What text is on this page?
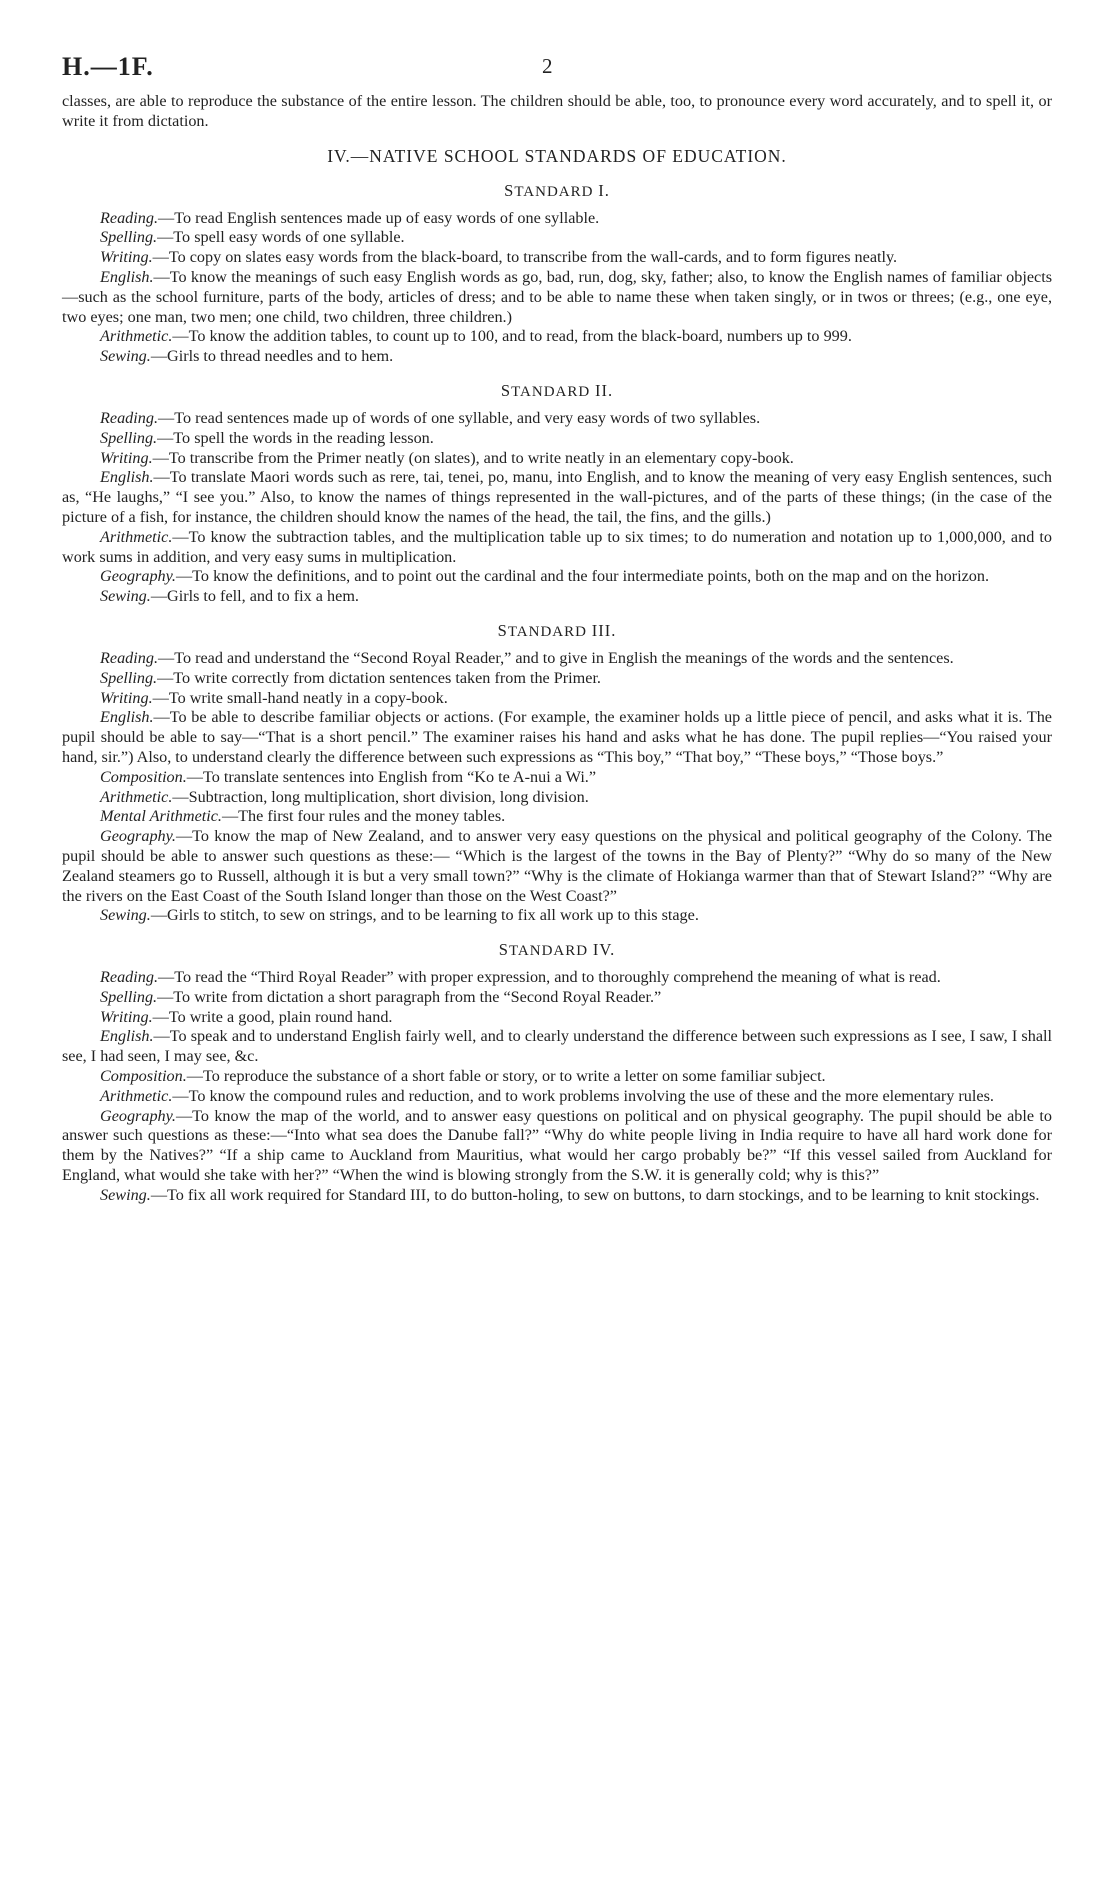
H.—1F.	2

classes, are able to reproduce the substance of the entire lesson. The children should be able, too, to pronounce every word accurately, and to spell it, or write it from dictation.

IV.—NATIVE SCHOOL STANDARDS OF EDUCATION.
STANDARD I.

Reading.—To read English sentences made up of easy words of one syllable.

Spelling.—To spell easy words of one syllable.

Writing.—To copy on slates easy words from the black-board, to transcribe from the wall-cards, and to form figures neatly.

English.—To know the meanings of such easy English words as go, bad, run, dog, sky, father; also, to know the English names of familiar objects—such as the school furniture, parts of the body, articles of dress; and to be able to name these when taken singly, or in twos or threes; (e.g., one eye, two eyes; one man, two men; one child, two children, three children.)

Arithmetic.—To know the addition tables, to count up to 100, and to read, from the black-board, numbers up to 999.

Sewing.—Girls to thread needles and to hem.

STANDARD II.

Reading.—To read sentences made up of words of one syllable, and very easy words of two syllables.

Spelling.—To spell the words in the reading lesson.

Writing.—To transcribe from the Primer neatly (on slates), and to write neatly in an elementary copy-book.

English.—To translate Maori words such as rere, tai, tenei, po, manu, into English, and to know the meaning of very easy English sentences, such as, “He laughs,” “I see you.” Also, to know the names of things represented in the wall-pictures, and of the parts of these things; (in the case of the picture of a fish, for instance, the children should know the names of the head, the tail, the fins, and the gills.)

Arithmetic.—To know the subtraction tables, and the multiplication table up to six times; to do numeration and notation up to 1,000,000, and to work sums in addition, and very easy sums in multiplication.

Geography.—To know the definitions, and to point out the cardinal and the four intermediate points, both on the map and on the horizon.

Sewing.—Girls to fell, and to fix a hem.

STANDARD III.

Reading.—To read and understand the “Second Royal Reader,” and to give in English the meanings of the words and the sentences.

Spelling.—To write correctly from dictation sentences taken from the Primer.

Writing.—To write small-hand neatly in a copy-book.

English.—To be able to describe familiar objects or actions. (For example, the examiner holds up a little piece of pencil, and asks what it is. The pupil should be able to say—“That is a short pencil.” The examiner raises his hand and asks what he has done. The pupil replies—“You raised your hand, sir.”) Also, to understand clearly the difference between such expressions as “This boy,” “That boy,” “These boys,” “Those boys.”

Composition.—To translate sentences into English from “Ko te A-nui a Wi.”

Arithmetic.—Subtraction, long multiplication, short division, long division.

Mental Arithmetic.—The first four rules and the money tables.

Geography.—To know the map of New Zealand, and to answer very easy questions on the physical and political geography of the Colony. The pupil should be able to answer such questions as these:— “Which is the largest of the towns in the Bay of Plenty?” “Why do so many of the New Zealand steamers go to Russell, although it is but a very small town?” “Why is the climate of Hokianga warmer than that of Stewart Island?” “Why are the rivers on the East Coast of the South Island longer than those on the West Coast?”

Sewing.—Girls to stitch, to sew on strings, and to be learning to fix all work up to this stage.

STANDARD IV.

Reading.—To read the “Third Royal Reader” with proper expression, and to thoroughly comprehend the meaning of what is read.

Spelling.—To write from dictation a short paragraph from the “Second Royal Reader.”

Writing.—To write a good, plain round hand.

English.—To speak and to understand English fairly well, and to clearly understand the difference between such expressions as I see, I saw, I shall see, I had seen, I may see, &c.

Composition.—To reproduce the substance of a short fable or story, or to write a letter on some familiar subject.

Arithmetic.—To know the compound rules and reduction, and to work problems involving the use of these and the more elementary rules.

Geography.—To know the map of the world, and to answer easy questions on political and on physical geography. The pupil should be able to answer such questions as these:—“Into what sea does the Danube fall?” “Why do white people living in India require to have all hard work done for them by the Natives?” “If a ship came to Auckland from Mauritius, what would her cargo probably be?” “If this vessel sailed from Auckland for England, what would she take with her?” “When the wind is blowing strongly from the S.W. it is generally cold; why is this?”

Sewing.—To fix all work required for Standard III, to do button-holing, to sew on buttons, to darn stockings, and to be learning to knit stockings.
